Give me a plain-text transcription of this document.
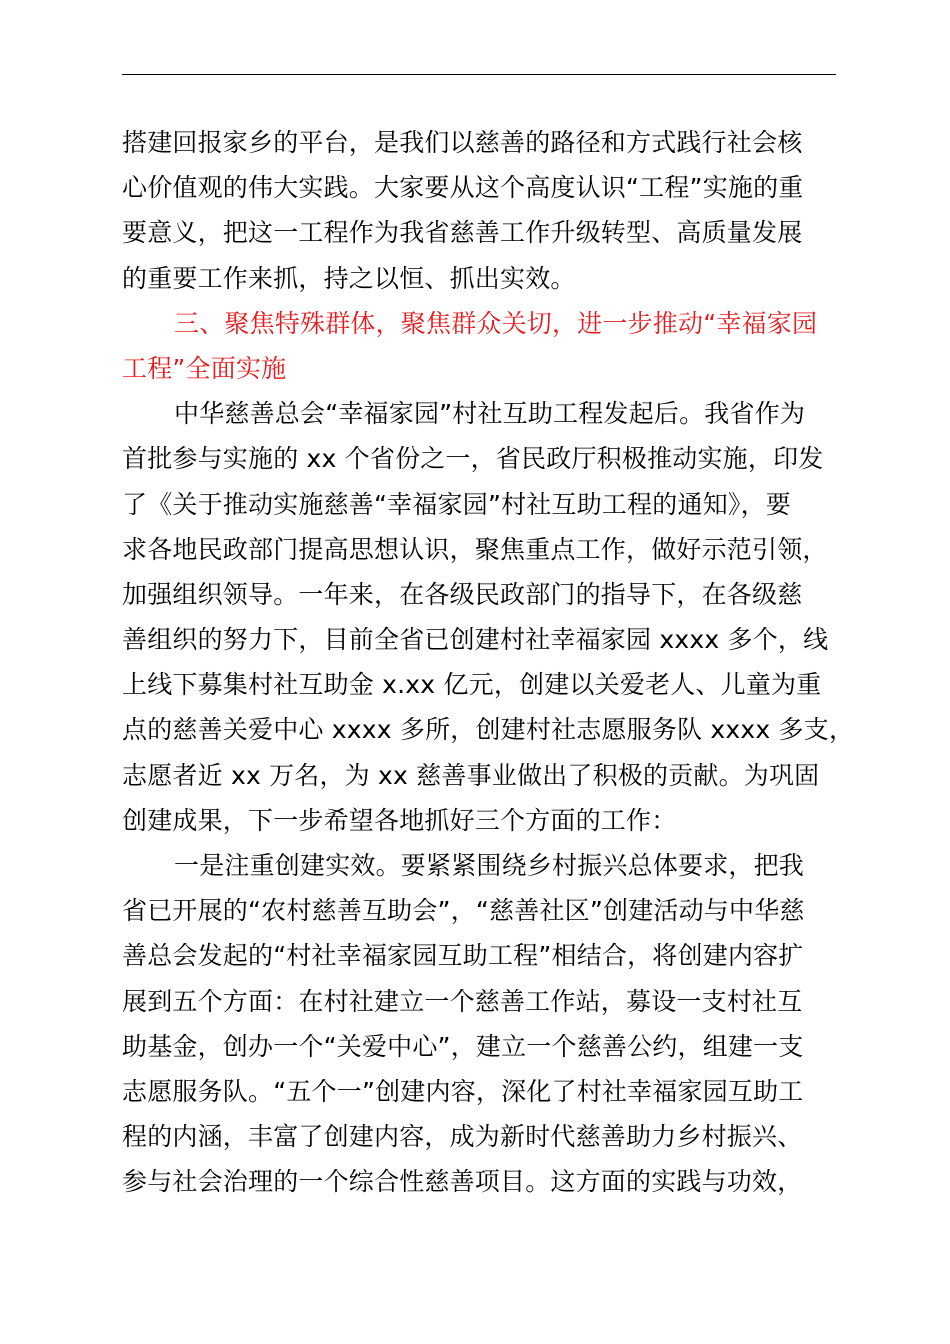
搭建回报家乡的平台，是我们以慈善的路径和方式践行社会核
心价值观的伟大实践。大家要从这个高度认识“工程”实施的重
要意义，把这一工程作为我省慈善工作升级转型、高质量发展
的重要工作来抓，持之以恒、抓出实效。
三、聚焦特殊群体，聚焦群众关切，进一步推动“幸福家园
工程”全面实施
中华慈善总会“幸福家园”村社互助工程发起后。我省作为
首批参与实施的 xx 个省份之一，省民政厅积极推动实施，印发
了《关于推动实施慈善“幸福家园”村社互助工程的通知》，要
求各地民政部门提高思想认识，聚焦重点工作，做好示范引领，
加强组织领导。一年来，在各级民政部门的指导下，在各级慈
善组织的努力下，目前全省已创建村社幸福家园 xxxx 多个，线
上线下募集村社互助金 x.xx 亿元，创建以关爱老人、儿童为重
点的慈善关爱中心 xxxx 多所，创建村社志愿服务队 xxxx 多支，
志愿者近 xx 万名，为 xx 慈善事业做出了积极的贡献。为巩固
创建成果，下一步希望各地抓好三个方面的工作：
一是注重创建实效。要紧紧围绕乡村振兴总体要求，把我
省已开展的“农村慈善互助会”，“慈善社区”创建活动与中华慈
善总会发起的“村社幸福家园互助工程”相结合，将创建内容扩
展到五个方面：在村社建立一个慈善工作站，募设一支村社互
助基金，创办一个“关爱中心”，建立一个慈善公约，组建一支
志愿服务队。“五个一”创建内容，深化了村社幸福家园互助工
程的内涵，丰富了创建内容，成为新时代慈善助力乡村振兴、
参与社会治理的一个综合性慈善项目。这方面的实践与功效，
